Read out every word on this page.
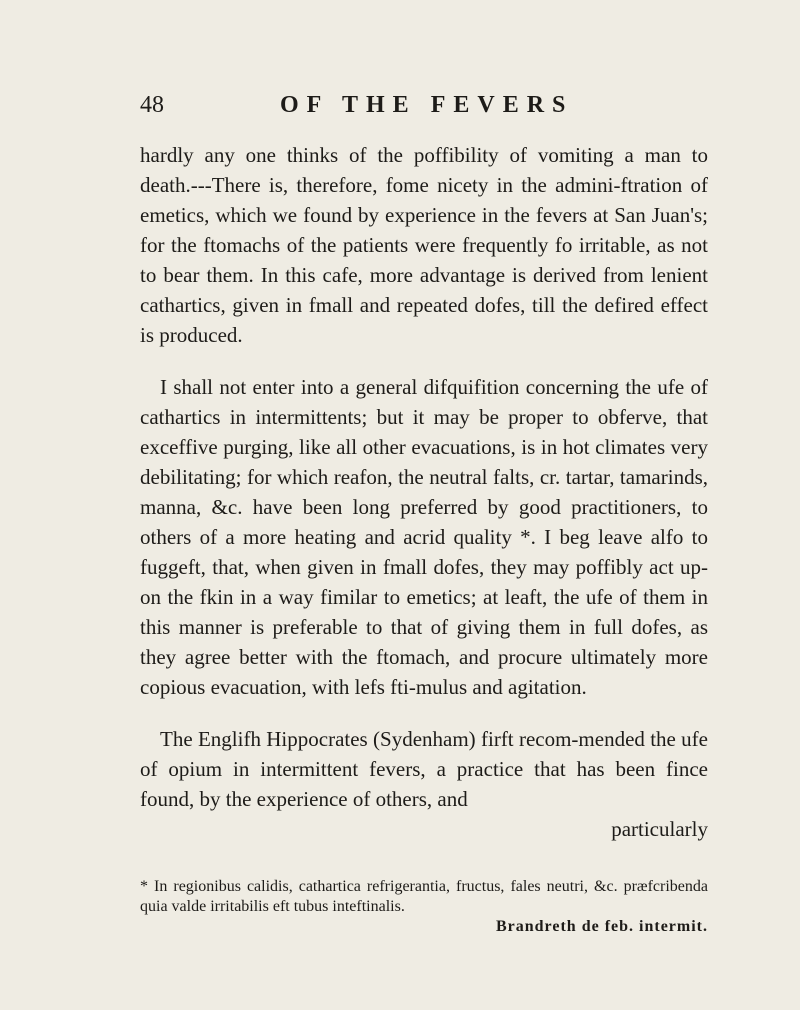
48	OF THE FEVERS

hardly any one thinks of the poffibility of vomiting a man to death.---There is, therefore, fome nicety in the admini-ftration of emetics, which we found by experience in the fevers at San Juan's; for the ftomachs of the patients were frequently fo irritable, as not to bear them. In this cafe, more advantage is derived from lenient cathartics, given in fmall and repeated dofes, till the defired effect is produced.

I shall not enter into a general difquifition concerning the ufe of cathartics in intermittents; but it may be proper to obferve, that exceffive purging, like all other evacuations, is in hot climates very debilitating; for which reafon, the neutral falts, cr. tartar, tamarinds, manna, &c. have been long preferred by good practitioners, to others of a more heating and acrid quality *. I beg leave alfo to fuggeft, that, when given in fmall dofes, they may poffibly act up-on the fkin in a way fimilar to emetics; at leaft, the ufe of them in this manner is preferable to that of giving them in full dofes, as they agree better with the ftomach, and procure ultimately more copious evacuation, with lefs fti-mulus and agitation.

The Englifh Hippocrates (Sydenham) firft recom-mended the ufe of opium in intermittent fevers, a practice that has been fince found, by the experience of others, and

particularly
* In regionibus calidis, cathartica refrigerantia, fructus, fales neutri, &c. præfcribenda quia valde irritabilis eft tubus inteftinalis.
Brandreth de feb. intermit.
